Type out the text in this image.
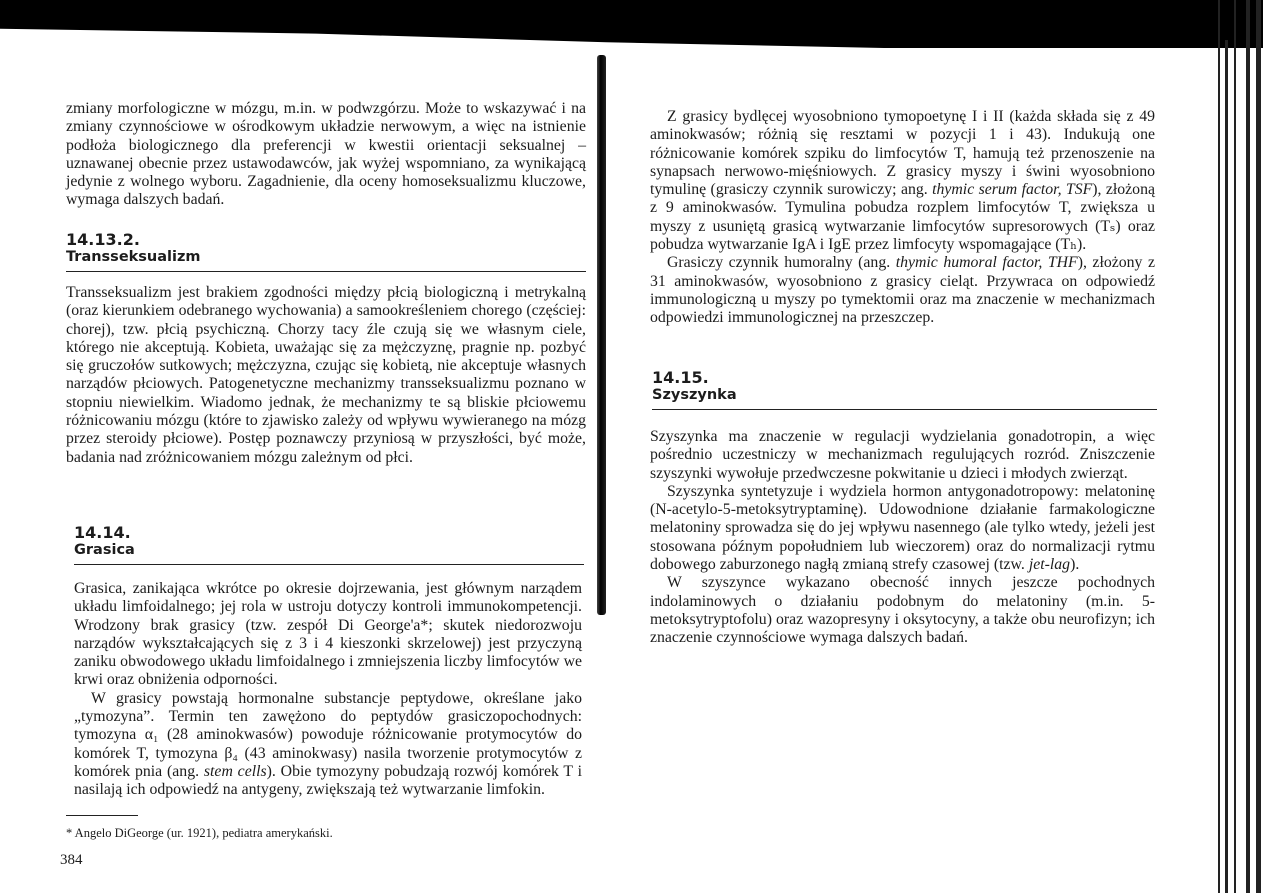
zmiany morfologiczne w mózgu, m.in. w podwzgórzu. Może to wskazywać i na zmiany czynnościowe w ośrodkowym układzie nerwowym, a więc na istnienie podłoża biologicznego dla preferencji w kwestii orientacji seksualnej – uznawanej obecnie przez ustawodawców, jak wyżej wspomniano, za wynikającą jedynie z wolnego wyboru. Zagadnienie, dla oceny homoseksualizmu kluczowe, wymaga dalszych badań.

14.13.2.
Transseksualizm

Transseksualizm jest brakiem zgodności między płcią biologiczną i metrykalną (oraz kierunkiem odebranego wychowania) a samookreśleniem chorego (częściej: chorej), tzw. płcią psychiczną. Chorzy tacy źle czują się we własnym ciele, którego nie akceptują. Kobieta, uważając się za mężczyznę, pragnie np. pozbyć się gruczołów sutkowych; mężczyzna, czując się kobietą, nie akceptuje własnych narządów płciowych. Patogenetyczne mechanizmy transseksualizmu poznano w stopniu niewielkim. Wiadomo jednak, że mechanizmy te są bliskie płciowemu różnicowaniu mózgu (które to zjawisko zależy od wpływu wywieranego na mózg przez steroidy płciowe). Postęp poznawczy przyniosą w przyszłości, być może, badania nad zróżnicowaniem mózgu zależnym od płci.

14.14.
Grasica

Grasica, zanikająca wkrótce po okresie dojrzewania, jest głównym narządem układu limfoidalnego; jej rola w ustroju dotyczy kontroli immunokompetencji. Wrodzony brak grasicy (tzw. zespół Di George'a*; skutek niedorozwoju narządów wykształcających się z 3 i 4 kieszonki skrzelowej) jest przyczyną zaniku obwodowego układu limfoidalnego i zmniejszenia liczby limfocytów we krwi oraz obniżenia odporności.

W grasicy powstają hormonalne substancje peptydowe, określane jako „tymozyna”. Termin ten zawężono do peptydów grasiczopochodnych: tymozyna α₁ (28 aminokwasów) powoduje różnicowanie protymocytów do komórek T, tymozyna β₄ (43 aminokwasy) nasila tworzenie protymocytów z komórek pnia (ang. stem cells). Obie tymozyny pobudzają rozwój komórek T i nasilają ich odpowiedź na antygeny, zwiększają też wytwarzanie limfokin.

* Angelo DiGeorge (ur. 1921), pediatra amerykański.
384

Z grasicy bydlęcej wyosobniono tymopoetynę I i II (każda składa się z 49 aminokwasów; różnią się resztami w pozycji 1 i 43). Indukują one różnicowanie komórek szpiku do limfocytów T, hamują też przenoszenie na synapsach nerwowo-mięśniowych. Z grasicy myszy i świni wyosobniono tymulinę (grasiczy czynnik surowiczy; ang. thymic serum factor, TSF), złożoną z 9 aminokwasów. Tymulina pobudza rozplem limfocytów T, zwiększa u myszy z usuniętą grasicą wytwarzanie limfocytów supresorowych (Tₛ) oraz pobudza wytwarzanie IgA i IgE przez limfocyty wspomagające (Tₕ).

Grasiczy czynnik humoralny (ang. thymic humoral factor, THF), złożony z 31 aminokwasów, wyosobniono z grasicy cieląt. Przywraca on odpowiedź immunologiczną u myszy po tymektomii oraz ma znaczenie w mechanizmach odpowiedzi immunologicznej na przeszczep.

14.15.
Szyszynka

Szyszynka ma znaczenie w regulacji wydzielania gonadotropin, a więc pośrednio uczestniczy w mechanizmach regulujących rozród. Zniszczenie szyszynki wywołuje przedwczesne pokwitanie u dzieci i młodych zwierząt.

Szyszynka syntetyzuje i wydziela hormon antygonadotropowy: melatoninę (N-acetylo-5-metoksytryptaminę). Udowodnione działanie farmakologiczne melatoniny sprowadza się do jej wpływu nasennego (ale tylko wtedy, jeżeli jest stosowana późnym popołudniem lub wieczorem) oraz do normalizacji rytmu dobowego zaburzonego nagłą zmianą strefy czasowej (tzw. jet-lag).

W szyszynce wykazano obecność innych jeszcze pochodnych indolaminowych o działaniu podobnym do melatoniny (m.in. 5-metoksytryptofolu) oraz wazopresyny i oksytocyny, a także obu neurofizyn; ich znaczenie czynnościowe wymaga dalszych badań.
